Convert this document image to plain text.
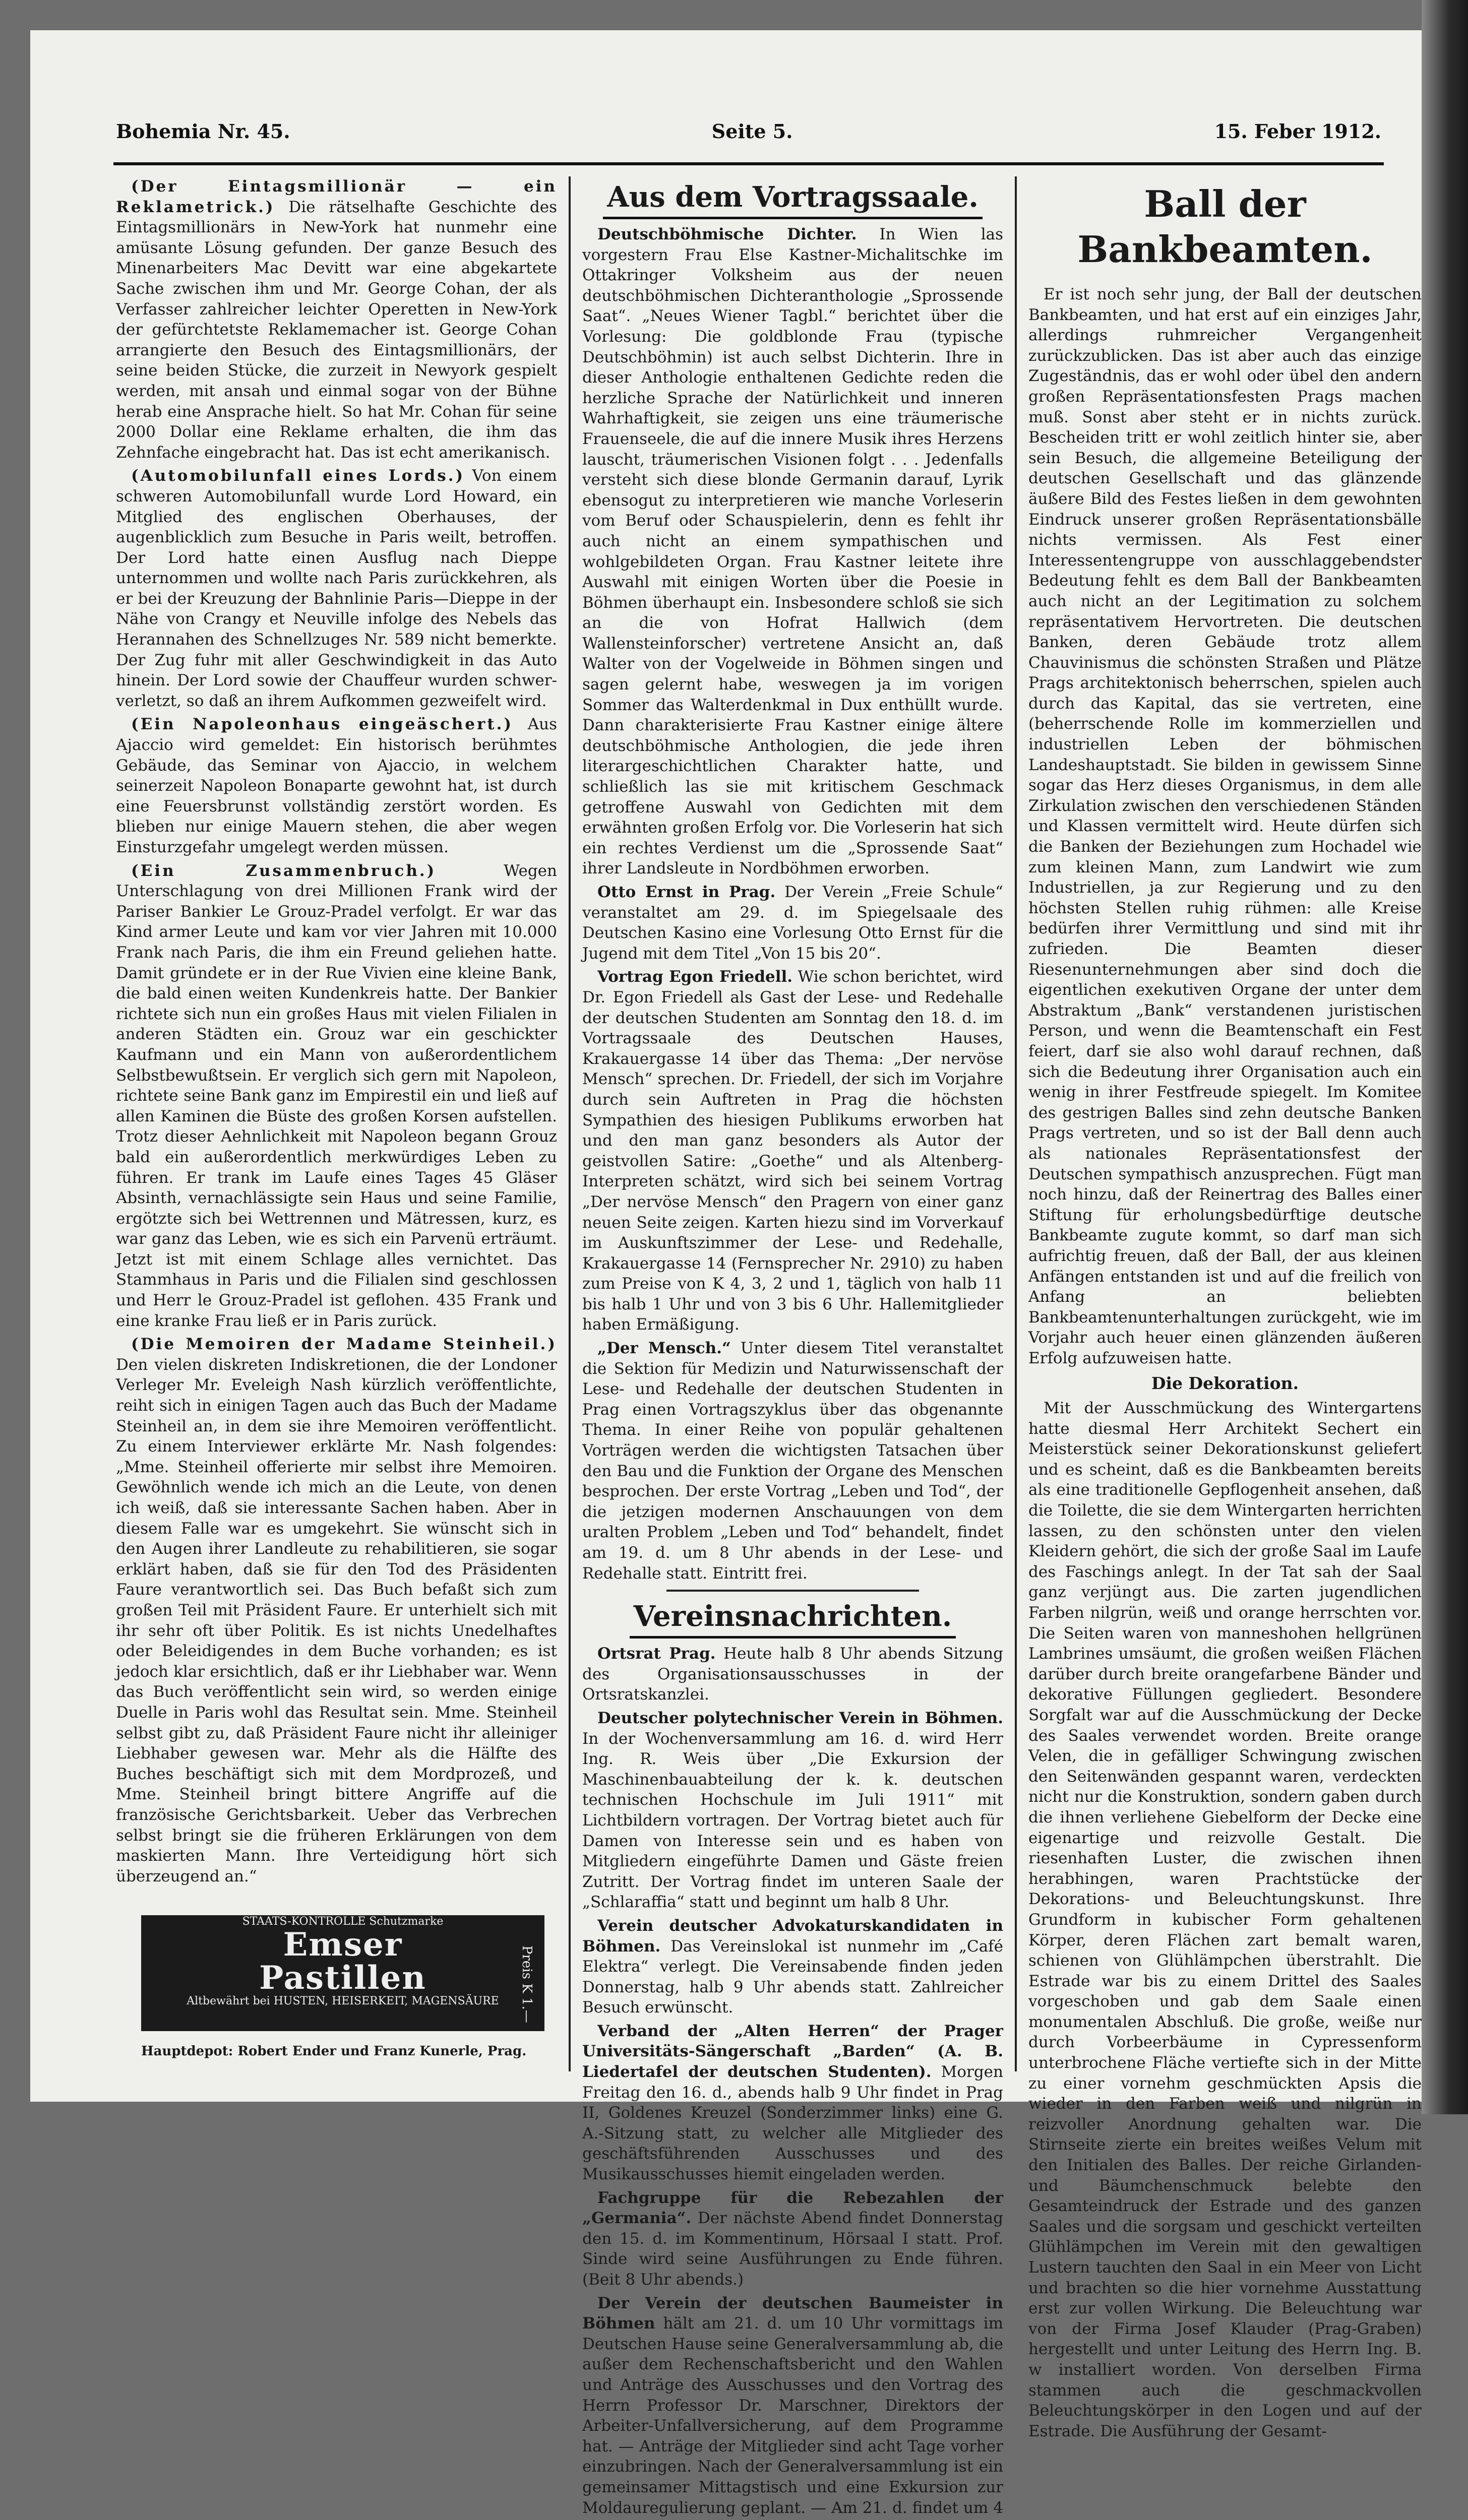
Bohemia Nr. 45.	Seite 5.	15. Feber 1912.

(Der Eintagsmillionär — ein Reklametrick.) Die rätselhafte Geschichte des Eintagsmillionärs in New-York hat nunmehr eine amüsante Lösung gefunden. Der ganze Besuch des Minenarbeiters Mac Devitt war eine abgekartete Sache zwischen ihm und Mr. George Cohan, der als Verfasser zahlreicher leichter Operetten in New-York der gefürchtetste Reklamemacher ist. George Cohan arrangierte den Besuch des Eintagsmillionärs, der seine beiden Stücke, die zurzeit in Newyork gespielt werden, mit ansah und einmal sogar von der Bühne herab eine Ansprache hielt. So hat Mr. Cohan für seine 2000 Dollar eine Reklame erhalten, die ihm das Zehnfache eingebracht hat. Das ist echt amerikanisch.

(Automobilunfall eines Lords.) Von einem schweren Automobilunfall wurde Lord Howard, ein Mitglied des englischen Oberhauses, der augenblicklich zum Besuche in Paris weilt, betroffen. Der Lord hatte einen Ausflug nach Dieppe unternommen und wollte nach Paris zurückkehren, als er bei der Kreuzung der Bahnlinie Paris—Dieppe in der Nähe von Crangy et Neuville infolge des Nebels das Herannahen des Schnellzuges Nr. 589 nicht bemerkte. Der Zug fuhr mit aller Geschwindigkeit in das Auto hinein. Der Lord sowie der Chauffeur wurden schwer-verletzt, so daß an ihrem Aufkommen gezweifelt wird.

(Ein Napoleonhaus eingeäschert.) Aus Ajaccio wird gemeldet: Ein historisch berühmtes Gebäude, das Seminar von Ajaccio, in welchem seinerzeit Napoleon Bonaparte gewohnt hat, ist durch eine Feuersbrunst vollständig zerstört worden. Es blieben nur einige Mauern stehen, die aber wegen Einsturzgefahr umgelegt werden müssen.

(Ein Zusammenbruch.)	Wegen Unterschlagung von drei Millionen Frank wird der Pariser Bankier Le Grouz-Pradel verfolgt. Er war das Kind armer Leute und kam vor vier Jahren mit 10.000 Frank nach Paris, die ihm ein Freund geliehen hatte. Damit gründete er in der Rue Vivien eine kleine Bank, die bald einen weiten Kundenkreis hatte. Der Bankier richtete sich nun ein großes Haus mit vielen Filialen in anderen Städten ein. Grouz war ein geschickter Kaufmann und ein Mann von außerordentlichem Selbstbewußtsein. Er verglich sich gern mit Napoleon, richtete seine Bank ganz im Empirestil ein und ließ auf allen Kaminen die Büste des großen Korsen aufstellen. Trotz dieser Aehnlichkeit mit Napoleon begann Grouz bald ein außerordentlich merkwürdiges Leben zu führen. Er trank im Laufe eines Tages 45 Gläser Absinth, vernachlässigte sein Haus und seine Familie, ergötzte sich bei Wettrennen und Mätressen, kurz, es war ganz das Leben, wie es sich ein Parvenü erträumt. Jetzt ist mit einem Schlage alles vernichtet. Das Stammhaus in Paris und die Filialen sind geschlossen und Herr le Grouz-Pradel ist geflohen. 435 Frank und eine kranke Frau ließ er in Paris zurück.

(Die Memoiren der Madame Steinheil.) Den vielen diskreten Indiskretionen, die der Londoner Verleger Mr. Eveleigh Nash kürzlich veröffentlichte, reiht sich in einigen Tagen auch das Buch der Madame Steinheil an, in dem sie ihre Memoiren veröffentlicht. Zu einem Interviewer erklärte Mr. Nash folgendes: „Mme. Steinheil offerierte mir selbst ihre Memoiren. Gewöhnlich wende ich mich an die Leute, von denen ich weiß, daß sie interessante Sachen haben. Aber in diesem Falle war es umgekehrt. Sie wünscht sich in den Augen ihrer Landleute zu rehabilitieren, sie sogar erklärt haben, daß sie für den Tod des Präsidenten Faure verantwortlich sei. Das Buch befaßt sich zum großen Teil mit Präsident Faure. Er unterhielt sich mit ihr sehr oft über Politik. Es ist nichts Unedelhaftes oder Beleidigendes in dem Buche vorhanden; es ist jedoch klar ersichtlich, daß er ihr Liebhaber war. Wenn das Buch veröffentlicht sein wird, so werden einige Duelle in Paris wohl das Resultat sein. Mme. Steinheil selbst gibt zu, daß Präsident Faure nicht ihr alleiniger Liebhaber gewesen war. Mehr als die Hälfte des Buches beschäftigt sich mit dem Mordprozeß, und Mme. Steinheil bringt bittere Angriffe auf die französische Gerichtsbarkeit. Ueber das Verbrechen selbst bringt sie die früheren Erklärungen von dem maskierten Mann. Ihre Verteidigung hört sich überzeugend an.“

STAATS-KONTROLLE Schutzmarke
Emser
Pastillen
Altbewährt bei HUSTEN, HEISERKEIT, MAGENSÄURE	Preis K 1.—
Hauptdepot: Robert Ender und Franz Kunerle, Prag.
Aus dem Vortragssaale.

Deutschböhmische Dichter. In Wien las vorgestern Frau Else Kastner-Michalitschke im Ottakringer Volksheim aus der neuen deutschböhmischen Dichteranthologie „Sprossende Saat“. „Neues Wiener Tagbl.“ berichtet über die Vorlesung: Die goldblonde Frau (typische Deutschböhmin) ist auch selbst Dichterin. Ihre in dieser Anthologie enthaltenen Gedichte reden die herzliche Sprache der Natürlichkeit und inneren Wahrhaftigkeit, sie zeigen uns eine träumerische Frauenseele, die auf die innere Musik ihres Herzens lauscht, träumerischen Visionen folgt . . . Jedenfalls versteht sich diese blonde Germanin darauf, Lyrik ebensogut zu interpretieren wie manche Vorleserin vom Beruf oder Schauspielerin, denn es fehlt ihr auch nicht an einem sympathischen und wohlgebildeten Organ. Frau Kastner leitete ihre Auswahl mit einigen Worten über die Poesie in Böhmen überhaupt ein. Insbesondere schloß sie sich an die von Hofrat Hallwich (dem Wallensteinforscher) vertretene Ansicht an, daß Walter von der Vogelweide in Böhmen singen und sagen gelernt habe, weswegen ja im vorigen Sommer das Walterdenkmal in Dux enthüllt wurde. Dann charakterisierte Frau Kastner einige ältere deutschböhmische Anthologien, die jede ihren literargeschichtlichen Charakter hatte, und schließlich las sie mit kritischem Geschmack getroffene Auswahl von Gedichten mit dem erwähnten großen Erfolg vor. Die Vorleserin hat sich ein rechtes Verdienst um die „Sprossende Saat“ ihrer Landsleute in Nordböhmen erworben.

Otto Ernst in Prag. Der Verein „Freie Schule“ veranstaltet am 29. d. im Spiegelsaale des Deutschen Kasino eine Vorlesung Otto Ernst für die Jugend mit dem Titel „Von 15 bis 20“.

Vortrag Egon Friedell. Wie schon berichtet, wird Dr. Egon Friedell als Gast der Lese- und Redehalle der deutschen Studenten am Sonntag den 18. d. im Vortragssaale des Deutschen Hauses, Krakauergasse 14 über das Thema: „Der nervöse Mensch“ sprechen. Dr. Friedell, der sich im Vorjahre durch sein Auftreten in Prag die höchsten Sympathien des hiesigen Publikums erworben hat und den man ganz besonders als Autor der geistvollen Satire: „Goethe“ und als Altenberg-Interpreten schätzt, wird sich bei seinem Vortrag „Der nervöse Mensch“ den Pragern von einer ganz neuen Seite zeigen. Karten hiezu sind im Vorverkauf im Auskunftszimmer der Lese- und Redehalle, Krakauergasse 14 (Fernsprecher Nr. 2910) zu haben zum Preise von K 4, 3, 2 und 1, täglich von halb 11 bis halb 1 Uhr und von 3 bis 6 Uhr. Hallemitglieder haben Ermäßigung.

„Der Mensch.“ Unter diesem Titel veranstaltet die Sektion für Medizin und Naturwissenschaft der Lese- und Redehalle der deutschen Studenten in Prag einen Vortragszyklus über das obgenannte Thema. In einer Reihe von populär gehaltenen Vorträgen werden die wichtigsten Tatsachen über den Bau und die Funktion der Organe des Menschen besprochen. Der erste Vortrag „Leben und Tod“, der die jetzigen modernen Anschauungen von dem uralten Problem „Leben und Tod“ behandelt, findet am 19. d. um 8 Uhr abends in der Lese- und Redehalle statt. Eintritt frei.

Vereinsnachrichten.

Ortsrat Prag. Heute halb 8 Uhr abends Sitzung des Organisationsausschusses in der Ortsratskanzlei.

Deutscher polytechnischer Verein in Böhmen. In der Wochenversammlung am 16. d. wird Herr Ing. R. Weis über „Die Exkursion der Maschinenbauabteilung der k. k. deutschen technischen Hochschule im Juli 1911“ mit Lichtbildern vortragen. Der Vortrag bietet auch für Damen von Interesse sein und es haben von Mitgliedern eingeführte Damen und Gäste freien Zutritt. Der Vortrag findet im unteren Saale der „Schlaraffia“ statt und beginnt um halb 8 Uhr.

Verein deutscher Advokaturskandidaten in Böhmen. Das Vereinslokal ist nunmehr im „Café Elektra“ verlegt. Die Vereinsabende finden jeden Donnerstag, halb 9 Uhr abends statt. Zahlreicher Besuch erwünscht.

Verband der „Alten Herren“ der Prager Universitäts-Sängerschaft „Barden“ (A. B. Liedertafel der deutschen Studenten). Morgen Freitag den 16. d., abends halb 9 Uhr findet in Prag II, Goldenes Kreuzel (Sonderzimmer links) eine G. A.-Sitzung statt, zu welcher alle Mitglieder des geschäftsführenden Ausschusses und des Musikausschusses hiemit eingeladen werden.

Fachgruppe für die Rebezahlen der „Germania“. Der nächste Abend findet Donnerstag den 15. d. im Kommentinum, Hörsaal I statt. Prof. Sinde wird seine Ausführungen zu Ende führen. (Beit 8 Uhr abends.)

Der Verein der deutschen Baumeister in Böhmen hält am 21. d. um 10 Uhr vormittags im Deutschen Hause seine Generalversammlung ab, die außer dem Rechenschaftsbericht und den Wahlen und Anträge des Ausschusses und den Vortrag des Herrn Professor Dr. Marschner, Direktors der Arbeiter-Unfallversicherung, auf dem Programme hat. — Anträge der Mitglieder sind acht Tage vorher einzubringen. Nach der Generalversammlung ist ein gemeinsamer Mittagstisch und eine Exkursion zur Moldauregulierung geplant. — Am 21. d. findet um 4

Ball der Bankbeamten.

Er ist noch sehr jung, der Ball der deutschen Bankbeamten, und hat erst auf ein einziges Jahr, allerdings ruhmreicher Vergangenheit zurückzublicken. Das ist aber auch das einzige Zugeständnis, das er wohl oder übel den andern großen Repräsentationsfesten Prags machen muß. Sonst aber steht er in nichts zurück. Bescheiden tritt er wohl zeitlich hinter sie, aber sein Besuch, die allgemeine Beteiligung der deutschen Gesellschaft und das glänzende äußere Bild des Festes ließen in dem gewohnten Eindruck unserer großen Repräsentationsbälle nichts vermissen. Als Fest einer Interessentengruppe von ausschlaggebendster Bedeutung fehlt es dem Ball der Bankbeamten auch nicht an der Legitimation zu solchem repräsentativem Hervortreten. Die deutschen Banken, deren Gebäude trotz allem Chauvinismus die schönsten Straßen und Plätze Prags architektonisch beherrschen, spielen auch durch das Kapital, das sie vertreten, eine (beherrschende Rolle im kommerziellen und industriellen Leben der böhmischen Landeshauptstadt. Sie bilden in gewissem Sinne sogar das Herz dieses Organismus, in dem alle Zirkulation zwischen den verschiedenen Ständen und Klassen vermittelt wird. Heute dürfen sich die Banken der Beziehungen zum Hochadel wie zum kleinen Mann, zum Landwirt wie zum Industriellen, ja zur Regierung und zu den höchsten Stellen ruhig rühmen: alle Kreise bedürfen ihrer Vermittlung und sind mit ihr zufrieden. Die Beamten dieser Riesenunternehmungen aber sind doch die eigentlichen exekutiven Organe der unter dem Abstraktum „Bank“ verstandenen juristischen Person, und wenn die Beamtenschaft ein Fest feiert, darf sie also wohl darauf rechnen, daß sich die Bedeutung ihrer Organisation auch ein wenig in ihrer Festfreude spiegelt. Im Komitee des gestrigen Balles sind zehn deutsche Banken Prags vertreten, und so ist der Ball denn auch als nationales Repräsentationsfest der Deutschen sympathisch anzusprechen. Fügt man noch hinzu, daß der Reinertrag des Balles einer Stiftung für erholungsbedürftige deutsche Bankbeamte zugute kommt, so darf man sich aufrichtig freuen, daß der Ball, der aus kleinen Anfängen entstanden ist und auf die freilich von Anfang an beliebten Bankbeamtenunterhaltungen zurückgeht, wie im Vorjahr auch heuer einen glänzenden äußeren Erfolg aufzuweisen hatte.

Die Dekoration.

Mit der Ausschmückung des Wintergartens hatte diesmal Herr Architekt Sechert ein Meisterstück seiner Dekorationskunst geliefert und es scheint, daß es die Bankbeamten bereits als eine traditionelle Gepflogenheit ansehen, daß die Toilette, die sie dem Wintergarten herrichten lassen, zu den schönsten unter den vielen Kleidern gehört, die sich der große Saal im Laufe des Faschings anlegt. In der Tat sah der Saal ganz verjüngt aus. Die zarten jugendlichen Farben nilgrün, weiß und orange herrschten vor. Die Seiten waren von manneshohen hellgrünen Lambrines umsäumt, die großen weißen Flächen darüber durch breite orangefarbene Bänder und dekorative Füllungen gegliedert. Besondere Sorgfalt war auf die Ausschmückung der Decke des Saales verwendet worden. Breite orange Velen, die in gefälliger Schwingung zwischen den Seitenwänden gespannt waren, verdeckten nicht nur die Konstruktion, sondern gaben durch die ihnen verliehene Giebelform der Decke eine eigenartige und reizvolle Gestalt. Die riesenhaften Luster, die zwischen ihnen herabhingen, waren Prachtstücke der Dekorations- und Beleuchtungskunst. Ihre Grundform in kubischer Form gehaltenen Körper, deren Flächen zart bemalt waren, schienen von Glühlämpchen überstrahlt. Die Estrade war bis zu einem Drittel des Saales vorgeschoben und gab dem Saale einen monumentalen Abschluß. Die große, weiße nur durch Vorbeerbäume in Cypressenform unterbrochene Fläche vertiefte sich in der Mitte zu einer vornehm geschmückten Apsis die wieder in den Farben weiß und nilgrün in reizvoller Anordnung gehalten war. Die Stirnseite zierte ein breites weißes Velum mit den Initialen des Balles. Der reiche Girlanden- und Bäumchenschmuck belebte den Gesamteindruck der Estrade und des ganzen Saales und die sorgsam und geschickt verteilten Glühlämpchen im Verein mit den gewaltigen Lustern tauchten den Saal in ein Meer von Licht und brachten so die hier vornehme Ausstattung erst zur vollen Wirkung. Die Beleuchtung war von der Firma Josef Klauder (Prag-Graben) hergestellt und unter Leitung des Herrn Ing. B. w installiert worden. Von derselben Firma stammen auch die geschmackvollen Beleuchtungskörper in den Logen und auf der Estrade. Die Ausführung der Gesamt-
